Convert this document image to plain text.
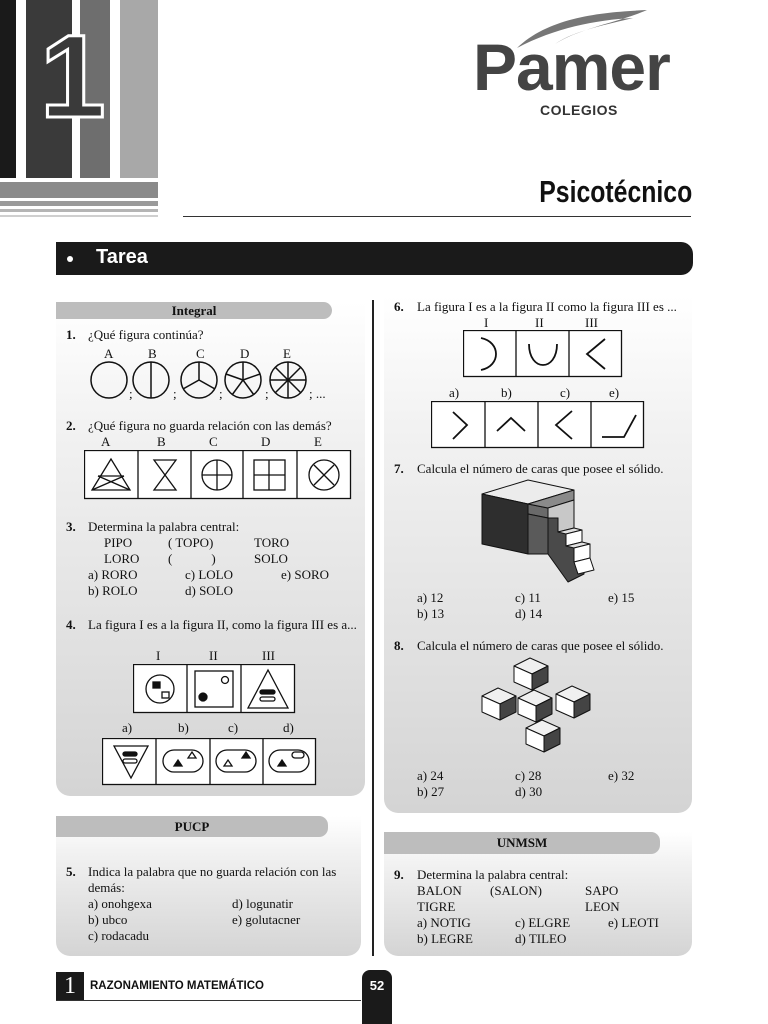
1	Pamer
COLEGIOS
Psicotécnico
Tarea
Integral
1. ¿Qué figura continúa?
A	B	C	D	E
;	;	;	;	; ...
2. ¿Qué figura no guarda relación con las demás?
A	B	C	D	E
3. Determina la palabra central:
PIPO	( TOPO)	TORO
LORO (            )	SOLO
a) RORO	c) LOLO	e) SORO
b) ROLO	d) SOLO
4. La figura I es a la figura II, como la figura III es a...
I	II	III
a)	b)	c)	d)
PUCP
5. Indica la palabra que no guarda relación con las demás:
a) onohgexa	d) logunatir
b) ubco	e) golutacner
c) rodacadu
6. La figura I es a la figura II como la figura III es ...
I	II	III
a)	b)	c)	e)
7. Calcula el número de caras que posee el sólido.
a) 12	c) 11	e) 15
b) 13	d) 14
8. Calcula el número de caras que posee el sólido.
a) 24	c) 28	e) 32
b) 27	d) 30
UNMSM
9. Determina la palabra central:
BALON (SALON)	SAPO
TIGRE	LEON
a) NOTIG	c) ELGRE	e) LEOTI
b) LEGRE	d) TILEO
1	RAZONAMIENTO MATEMÁTICO	52
